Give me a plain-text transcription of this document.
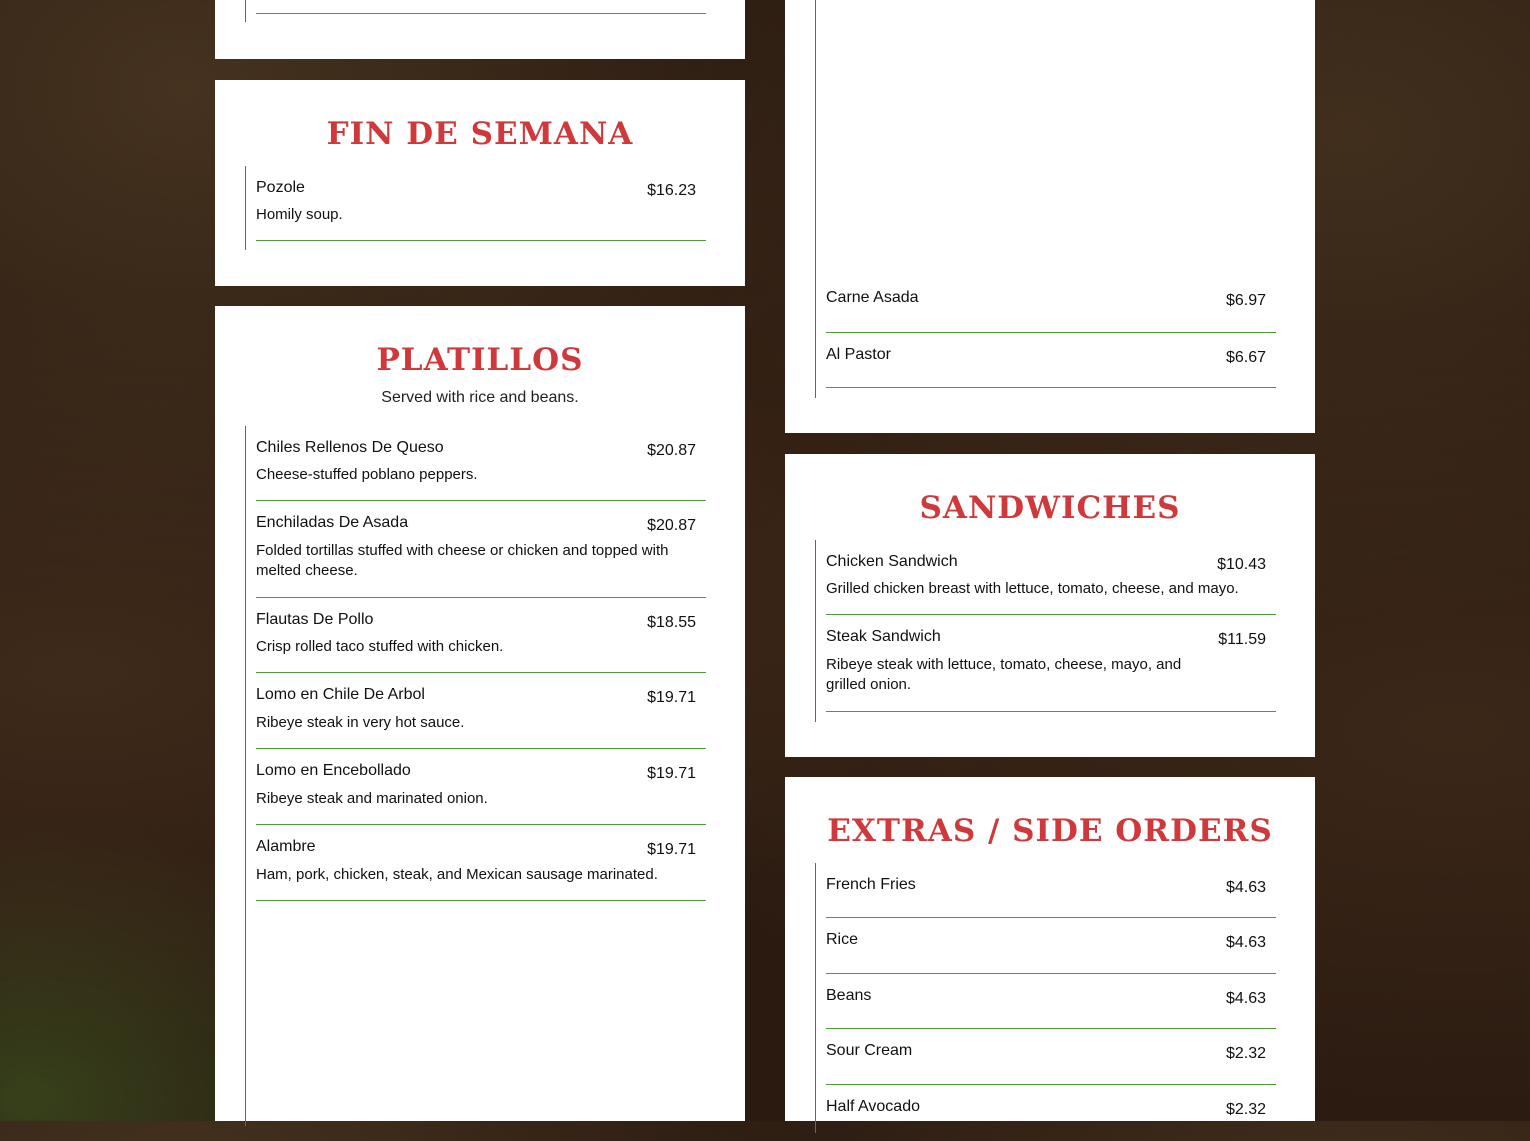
FIN DE SEMANA
Pozole	$16.23
Homily soup.
PLATILLOS
Served with rice and beans.
Chiles Rellenos De Queso	$20.87
Cheese-stuffed poblano peppers.
Enchiladas De Asada	$20.87
Folded tortillas stuffed with cheese or chicken and topped with melted cheese.
Flautas De Pollo	$18.55
Crisp rolled taco stuffed with chicken.
Lomo en Chile De Arbol	$19.71
Ribeye steak in very hot sauce.
Lomo en Encebollado	$19.71
Ribeye steak and marinated onion.
Alambre	$19.71
Ham, pork, chicken, steak, and Mexican sausage marinated.
Carne Asada	$6.97
Al Pastor	$6.67
SANDWICHES
Chicken Sandwich	$10.43
Grilled chicken breast with lettuce, tomato, cheese, and mayo.
Steak Sandwich	$11.59
Ribeye steak with lettuce, tomato, cheese, mayo, and grilled onion.
EXTRAS / SIDE ORDERS
French Fries	$4.63
Rice	$4.63
Beans	$4.63
Sour Cream	$2.32
Half Avocado	$2.32
